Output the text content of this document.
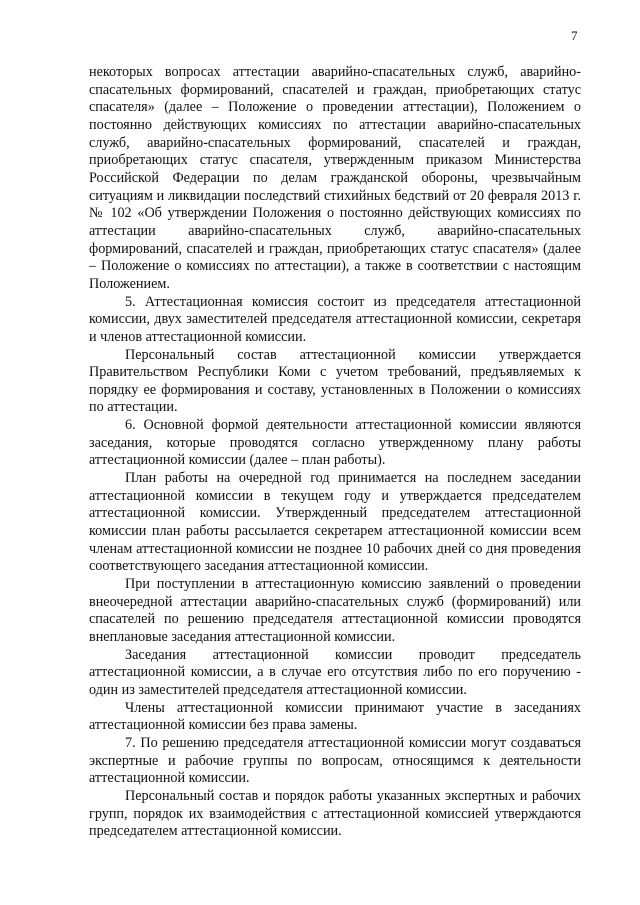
7

некоторых вопросах аттестации аварийно-спасательных служб, аварийно-спасательных формирований, спасателей и граждан, приобретающих статус спасателя» (далее – Положение о проведении аттестации), Положением о постоянно действующих комиссиях по аттестации аварийно-спасательных служб, аварийно-спасательных формирований, спасателей и граждан, приобретающих статус спасателя, утвержденным приказом Министерства Российской Федерации по делам гражданской обороны, чрезвычайным ситуациям и ликвидации последствий стихийных бедствий от 20 февраля 2013 г. № 102 «Об утверждении Положения о постоянно действующих комиссиях по аттестации аварийно-спасательных служб, аварийно-спасательных формирований, спасателей и граждан, приобретающих статус спасателя» (далее – Положение о комиссиях по аттестации), а также в соответствии с настоящим Положением.

5. Аттестационная комиссия состоит из председателя аттестационной комиссии, двух заместителей председателя аттестационной комиссии, секретаря и членов аттестационной комиссии.

Персональный состав аттестационной комиссии утверждается Правительством Республики Коми с учетом требований, предъявляемых к порядку ее формирования и составу, установленных в Положении о комиссиях по аттестации.

6. Основной формой деятельности аттестационной комиссии являются заседания, которые проводятся согласно утвержденному плану работы аттестационной комиссии (далее – план работы).

План работы на очередной год принимается на последнем заседании аттестационной комиссии в текущем году и утверждается председателем аттестационной комиссии. Утвержденный председателем аттестационной комиссии план работы рассылается секретарем аттестационной комиссии всем членам аттестационной комиссии не позднее 10 рабочих дней со дня проведения соответствующего заседания аттестационной комиссии.

При поступлении в аттестационную комиссию заявлений о проведении внеочередной аттестации аварийно-спасательных служб (формирований) или спасателей по решению председателя аттестационной комиссии проводятся внеплановые заседания аттестационной комиссии.

Заседания аттестационной комиссии проводит председатель аттестационной комиссии, а в случае его отсутствия либо по его поручению - один из заместителей председателя аттестационной комиссии.

Члены аттестационной комиссии принимают участие в заседаниях аттестационной комиссии без права замены.

7. По решению председателя аттестационной комиссии могут создаваться экспертные и рабочие группы по вопросам, относящимся к деятельности аттестационной комиссии.

Персональный состав и порядок работы указанных экспертных и рабочих групп, порядок их взаимодействия с аттестационной комиссией утверждаются председателем аттестационной комиссии.
